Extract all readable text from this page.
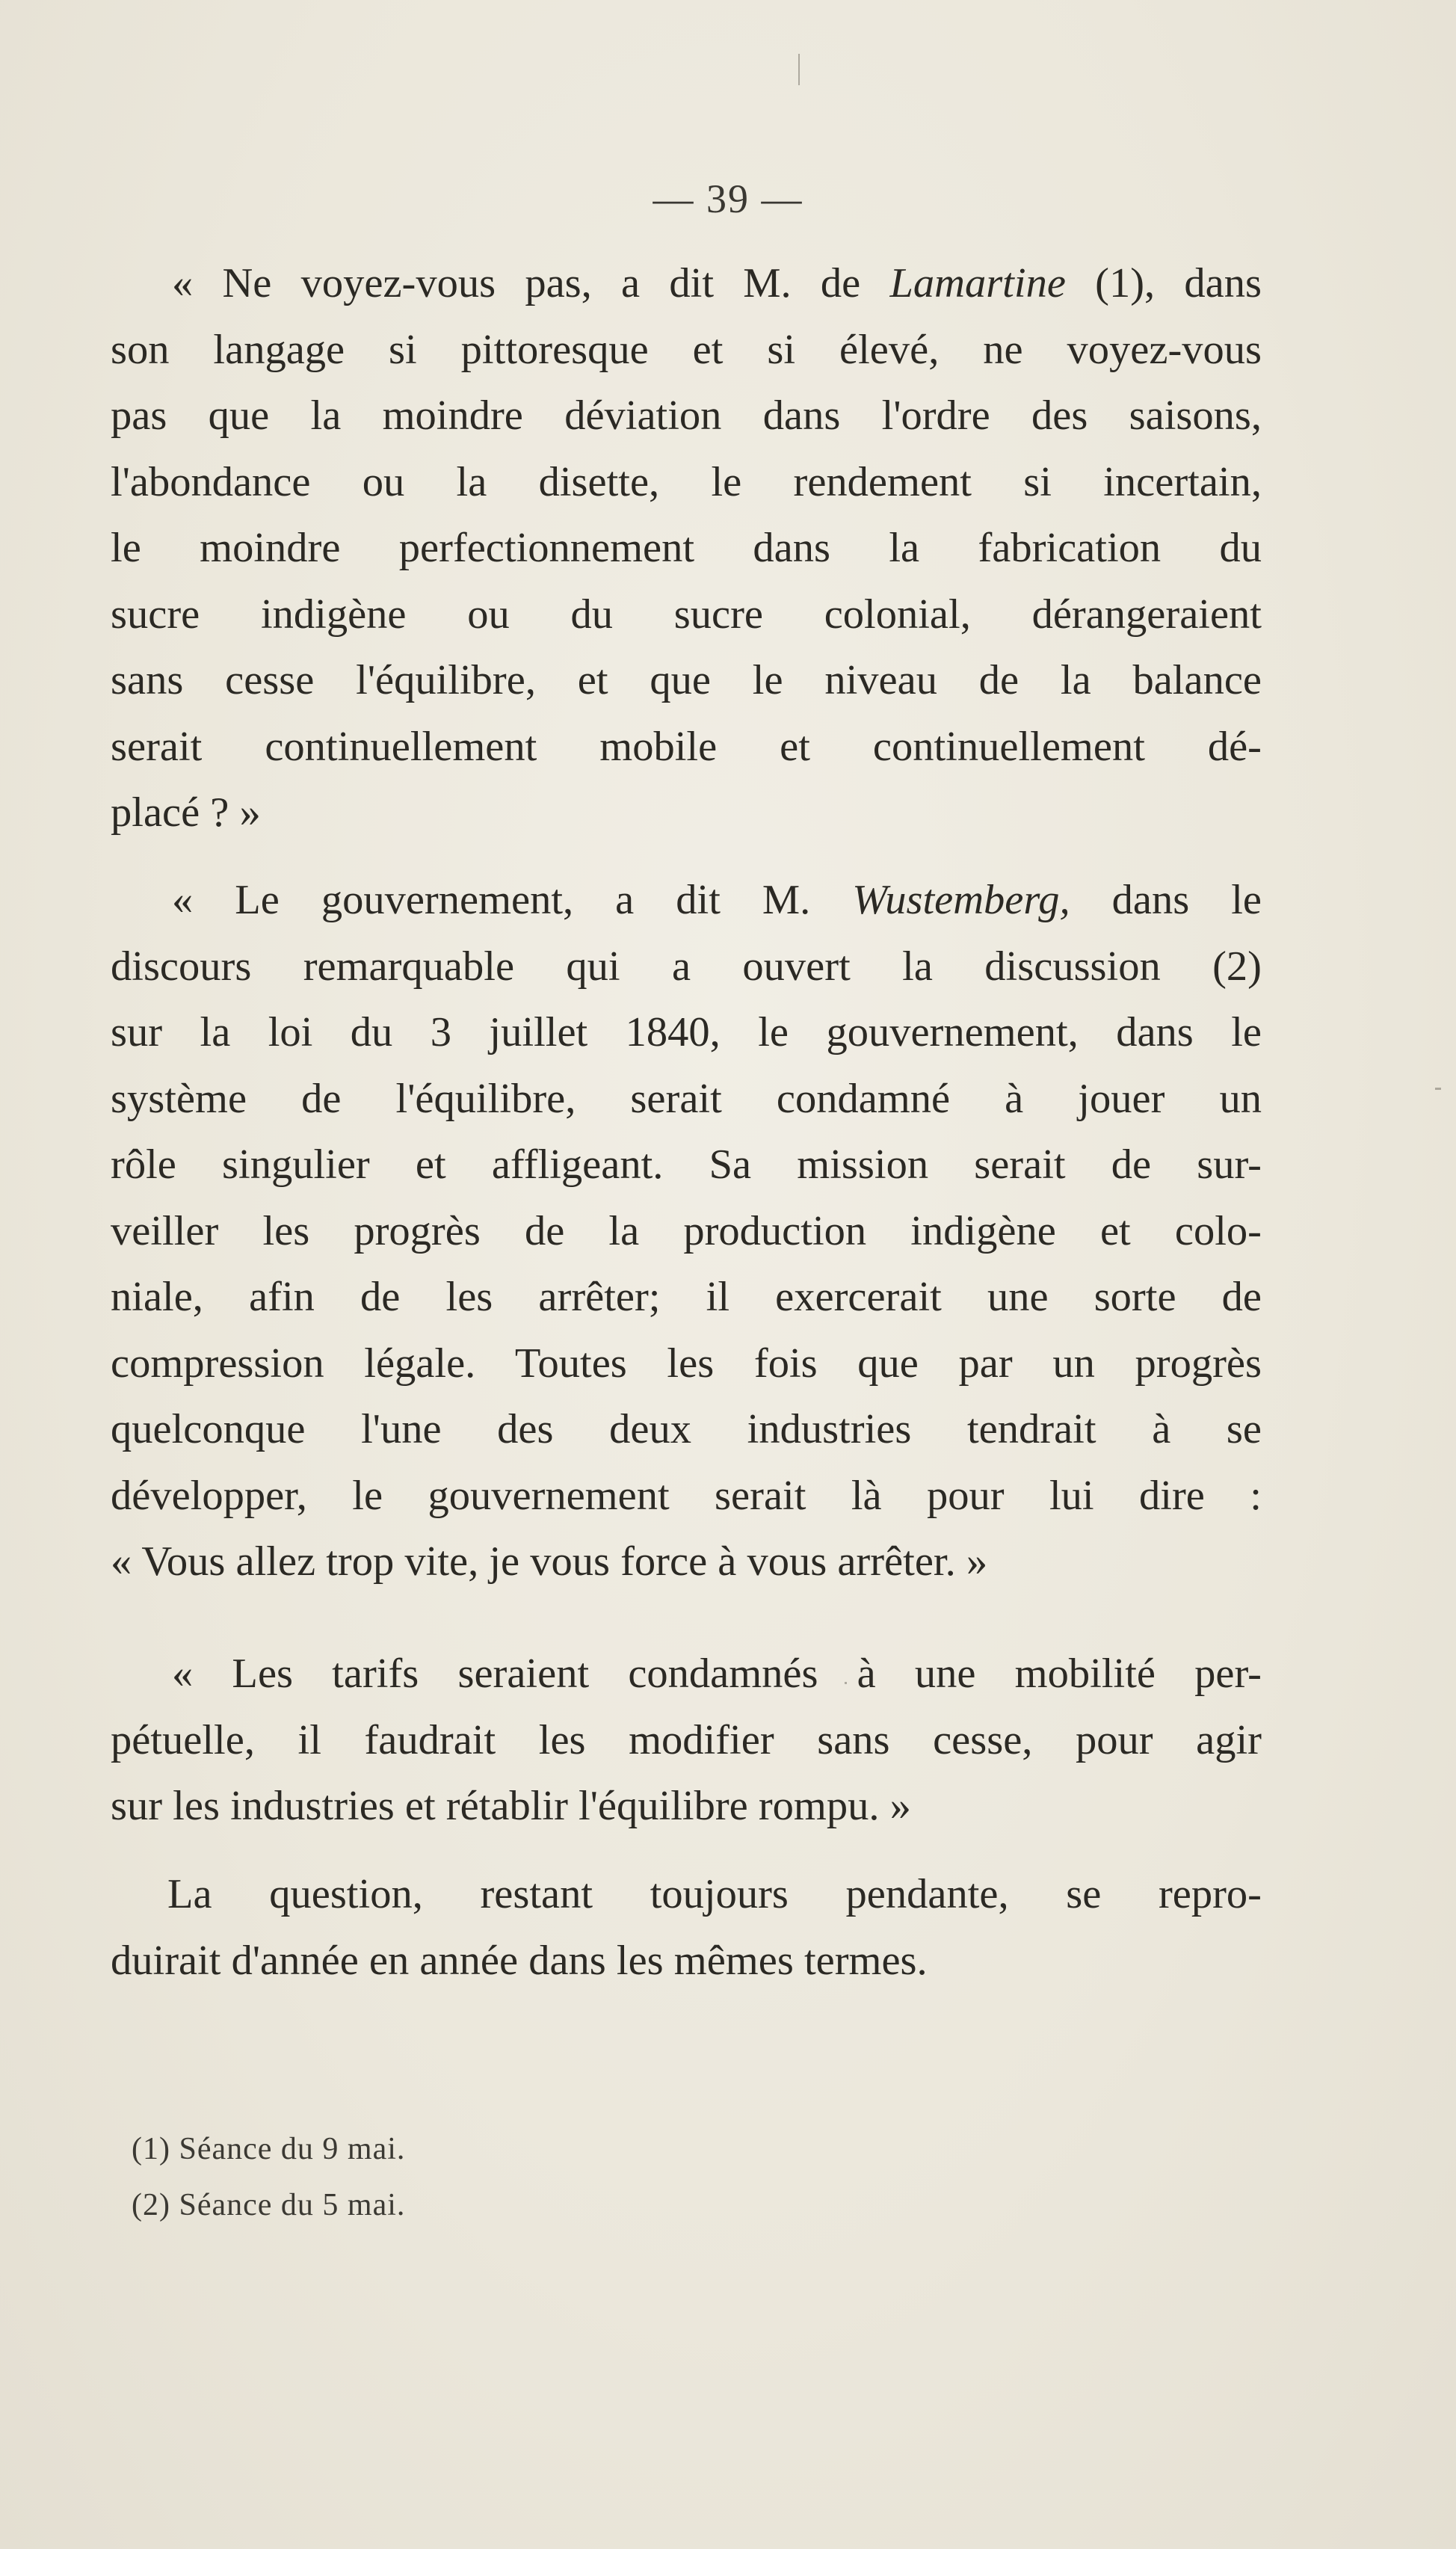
— 39 —
« Ne voyez-vous pas, a dit M. de Lamartine (1), dans
son langage si pittoresque et si élevé, ne voyez-vous
pas que la moindre déviation dans l'ordre des saisons,
l'abondance ou la disette, le rendement si incertain,
le moindre perfectionnement dans la fabrication du
sucre indigène ou du sucre colonial, dérangeraient
sans cesse l'équilibre, et que le niveau de la balance
serait continuellement mobile et continuellement dé-
placé ? »
« Le gouvernement, a dit M. Wustemberg, dans le
discours remarquable qui a ouvert la discussion (2)
sur la loi du 3 juillet 1840, le gouvernement, dans le
système de l'équilibre, serait condamné à jouer un
rôle singulier et affligeant. Sa mission serait de sur-
veiller les progrès de la production indigène et colo-
niale, afin de les arrêter; il exercerait une sorte de
compression légale. Toutes les fois que par un progrès
quelconque l'une des deux industries tendrait à se
développer, le gouvernement serait là pour lui dire :
« Vous allez trop vite, je vous force à vous arrêter. »
« Les tarifs seraient condamnés à une mobilité per-
pétuelle, il faudrait les modifier sans cesse, pour agir
sur les industries et rétablir l'équilibre rompu. »
La question, restant toujours pendante, se repro-
duirait d'année en année dans les mêmes termes.
(1) Séance du 9 mai.
(2) Séance du 5 mai.
